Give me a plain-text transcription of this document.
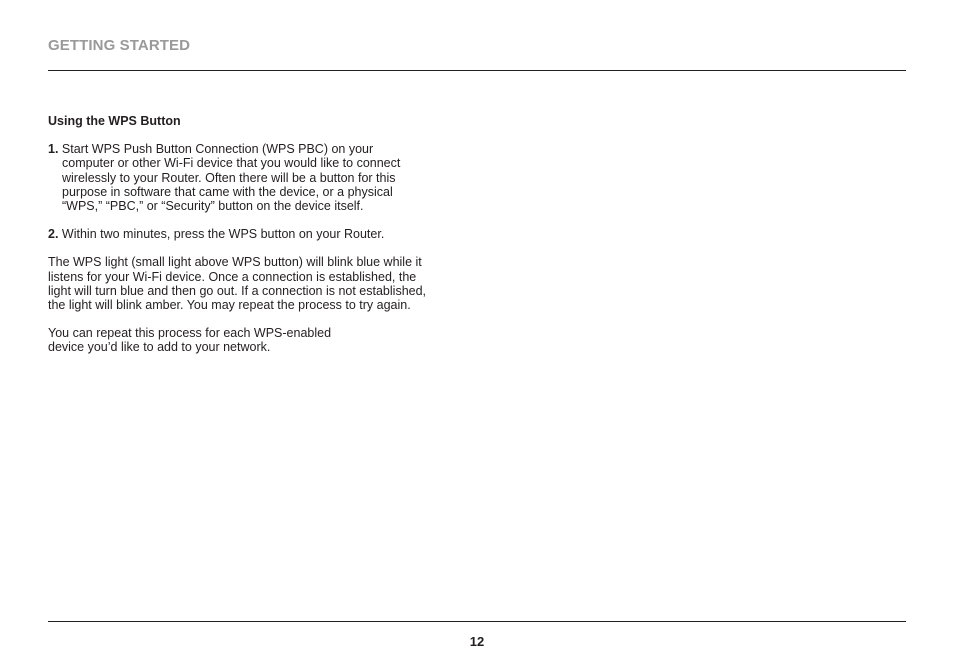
GETTING STARTED
Using the WPS Button
1. Start WPS Push Button Connection (WPS PBC) on your
computer or other Wi-Fi device that you would like to connect
wirelessly to your Router. Often there will be a button for this
purpose in software that came with the device, or a physical
“WPS,” “PBC,” or “Security” button on the device itself.
2. Within two minutes, press the WPS button on your Router.
The WPS light (small light above WPS button) will blink blue while it
listens for your Wi-Fi device. Once a connection is established, the
light will turn blue and then go out. If a connection is not established,
the light will blink amber. You may repeat the process to try again.
You can repeat this process for each WPS-enabled
device you’d like to add to your network.
12
